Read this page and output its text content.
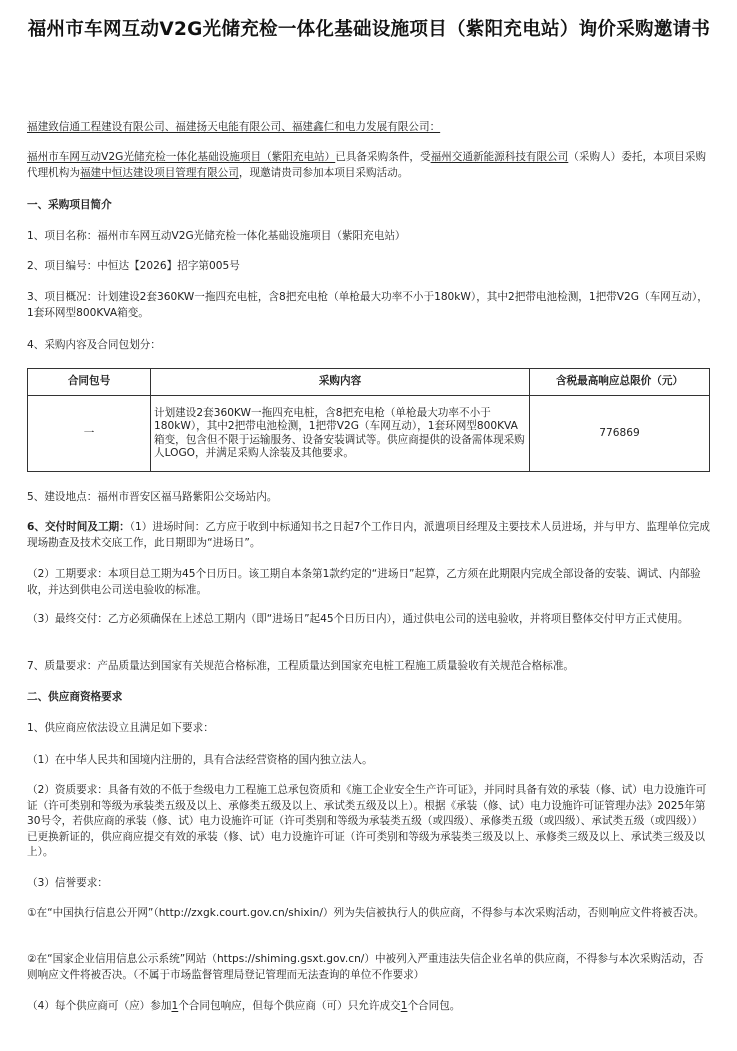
福州市车网互动V2G光储充检一体化基础设施项目（紫阳充电站）询价采购邀请书

福建致信通工程建设有限公司、福建扬天电能有限公司、福建鑫仁和电力发展有限公司：

福州市车网互动V2G光储充检一体化基础设施项目（紫阳充电站）已具备采购条件，受福州交通新能源科技有限公司（采购人）委托，本项目采购代理机构为福建中恒达建设项目管理有限公司，现邀请贵司参加本项目采购活动。

一、采购项目简介

1、项目名称：福州市车网互动V2G光储充检一体化基础设施项目（紫阳充电站）

2、项目编号：中恒达【2026】招字第005号

3、项目概况：计划建设2套360KW一拖四充电桩，含8把充电枪（单枪最大功率不小于180kW），其中2把带电池检测，1把带V2G（车网互动），1套环网型800KVA箱变。

4、采购内容及合同包划分：

合同包号	采购内容	含税最高响应总限价（元）
一	计划建设2套360KW一拖四充电桩，含8把充电枪（单枪最大功率不小于180kW），其中2把带电池检测，1把带V2G（车网互动），1套环网型800KVA箱变，包含但不限于运输服务、设备安装调试等。供应商提供的设备需体现采购人LOGO，并满足采购人涂装及其他要求。	776869

5、建设地点：福州市晋安区福马路紫阳公交场站内。

6、交付时间及工期：（1）进场时间：乙方应于收到中标通知书之日起7个工作日内，派遣项目经理及主要技术人员进场，并与甲方、监理单位完成现场勘查及技术交底工作，此日期即为“进场日”。

（2）工期要求：本项目总工期为45个日历日。该工期自本条第1款约定的“进场日”起算，乙方须在此期限内完成全部设备的安装、调试、内部验收，并达到供电公司送电验收的标准。

（3）最终交付：乙方必须确保在上述总工期内（即“进场日”起45个日历日内），通过供电公司的送电验收，并将项目整体交付甲方正式使用。

7、质量要求：产品质量达到国家有关规范合格标准，工程质量达到国家充电桩工程施工质量验收有关规范合格标准。

二、供应商资格要求

1、供应商应依法设立且满足如下要求：

（1）在中华人民共和国境内注册的，具有合法经营资格的国内独立法人。

（2）资质要求：具备有效的不低于叁级电力工程施工总承包资质和《施工企业安全生产许可证》，并同时具备有效的承装（修、试）电力设施许可证（许可类别和等级为承装类五级及以上、承修类五级及以上、承试类五级及以上）。根据《承装（修、试）电力设施许可证管理办法》2025年第30号令，若供应商的承装（修、试）电力设施许可证（许可类别和等级为承装类五级（或四级）、承修类五级（或四级）、承试类五级（或四级））已更换新证的，供应商应提交有效的承装（修、试）电力设施许可证（许可类别和等级为承装类三级及以上、承修类三级及以上、承试类三级及以上）。

（3）信誉要求：

①在“中国执行信息公开网”（http://zxgk.court.gov.cn/shixin/）列为失信被执行人的供应商，不得参与本次采购活动，否则响应文件将被否决。

②在“国家企业信用信息公示系统”网站（https://shiming.gsxt.gov.cn/）中被列入严重违法失信企业名单的供应商，不得参与本次采购活动，否则响应文件将被否决。（不属于市场监督管理局登记管理而无法查询的单位不作要求）

（4）每个供应商可（应）参加1个合同包响应，但每个供应商（可）只允许成交1个合同包。
